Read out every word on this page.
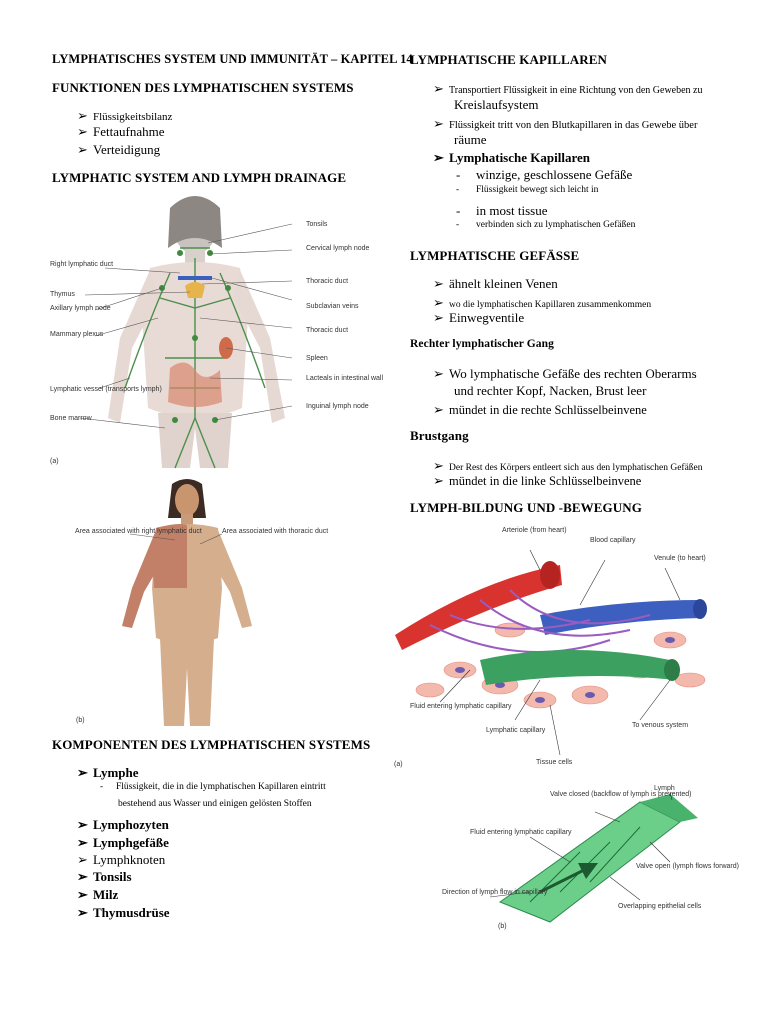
LYMPHATISCHES SYSTEM UND IMMUNITÄT – KAPITEL 14
FUNKTIONEN DES LYMPHATISCHEN SYSTEMS
➢ Flüssigkeitsbilanz
➢ Fettaufnahme
➢ Verteidigung
LYMPHATIC SYSTEM AND LYMPH DRAINAGE
Tonsils
Cervical lymph node
Thoracic duct
Subclavian veins
Thoracic duct
Spleen
Lacteals in intestinal wall
Inguinal lymph node
Right lymphatic duct
Thymus
Axillary lymph node
Mammary plexus
Lymphatic vessel (transports lymph)
Bone marrow
(a)
Area associated with right lymphatic duct	Area associated with thoracic duct
(b)
KOMPONENTEN DES LYMPHATISCHEN SYSTEMS
➢ Lymphe
- Flüssigkeit, die in die lymphatischen Kapillaren eintritt
bestehend aus Wasser und einigen gelösten Stoffen
➢ Lymphozyten
➢ Lymphgefäße
➢ Lymphknoten
➢ Tonsils
➢ Milz
➢ Thymusdrüse
LYMPHATISCHE KAPILLAREN
➢ Transportiert Flüssigkeit in eine Richtung von den Geweben zu
Kreislaufsystem
➢ Flüssigkeit tritt von den Blutkapillaren in das Gewebe über
räume
➢ Lymphatische Kapillaren
- winzige, geschlossene Gefäße
- Flüssigkeit bewegt sich leicht in
- in most tissue
- verbinden sich zu lymphatischen Gefäßen
LYMPHATISCHE GEFÄSSE
➢ ähnelt kleinen Venen
➢ wo die lymphatischen Kapillaren zusammenkommen
➢ Einwegventile
Rechter lymphatischer Gang
➢ Wo lymphatische Gefäße des rechten Oberarms
und rechter Kopf, Nacken, Brust leer
➢ mündet in die rechte Schlüsselbeinvene
Brustgang
➢ Der Rest des Körpers entleert sich aus den lymphatischen Gefäßen
➢ mündet in die linke Schlüsselbeinvene
LYMPH-BILDUNG UND -BEWEGUNG
Arteriole (from heart)
Blood capillary
Venule (to heart)
Fluid entering lymphatic capillary
Lymphatic capillary
Tissue cells
To venous system
(a)
Valve closed (backflow of lymph is prevented)
Lymph
Fluid entering lymphatic capillary
Valve open (lymph flows forward)
Direction of lymph flow in capillary
Overlapping epithelial cells
(b)
